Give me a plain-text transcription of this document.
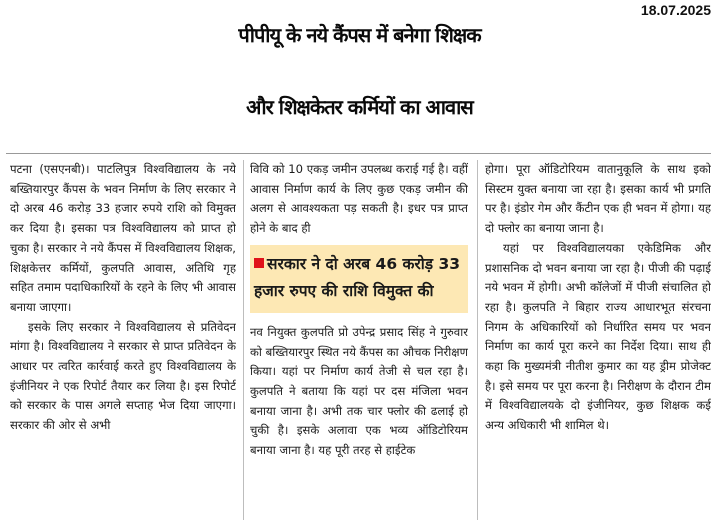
18.07.2025
पीपीयू के नये कैंपस में बनेगा शिक्षक
और शिक्षकेतर कर्मियों का आवास

पटना (एसएनबी)। पाटलिपुत्र विश्वविद्यालय के नये बख्तियारपुर कैंपस के भवन निर्माण के लिए सरकार ने दो अरब 46 करोड़ 33 हजार रुपये राशि को विमुक्त कर दिया है। इसका पत्र विश्वविद्यालय को प्राप्त हो चुका है। सरकार ने नये कैंपस में विश्वविद्यालय शिक्षक, शिक्षकेत्तर कर्मियों, कुलपति आवास, अतिथि गृह सहित तमाम पदाधिकारियों के रहने के लिए भी आवास बनाया जाएगा।

इसके लिए सरकार ने विश्वविद्यालय से प्रतिवेदन मांगा है। विश्वविद्यालय ने सरकार से प्राप्त प्रतिवेदन के आधार पर त्वरित कार्रवाई करते हुए विश्वविद्यालय के इंजीनियर ने एक रिपोर्ट तैयार कर लिया है। इस रिपोर्ट को सरकार के पास अगले सप्ताह भेज दिया जाएगा। सरकार की ओर से अभी

विवि को 10 एकड़ जमीन उपलब्ध कराई गई है। वहीं आवास निर्माण कार्य के लिए कुछ एकड़ जमीन की अलग से आवश्यकता पड़ सकती है। इधर पत्र प्राप्त होने के बाद ही

सरकार ने दो अरब 46 करोड़ 33 हजार रुपए की राशि विमुक्त की

नव नियुक्त कुलपति प्रो उपेन्द्र प्रसाद सिंह ने गुरुवार को बख्तियारपुर स्थित नये कैंपस का औचक निरीक्षण किया। यहां पर निर्माण कार्य तेजी से चल रहा है। कुलपति ने बताया कि यहां पर दस मंजिला भवन बनाया जाना है। अभी तक चार फ्लोर की ढलाई हो चुकी है। इसके अलावा एक भव्य ऑडिटोरियम बनाया जाना है। यह पूरी तरह से हाईटेक

होगा। पूरा ऑडिटोरियम वातानुकूलि के साथ इको सिस्टम युक्त बनाया जा रहा है। इसका कार्य भी प्रगति पर है। इंडोर गेम और कैंटीन एक ही भवन में होगा। यह दो फ्लोर का बनाया जाना है।

यहां पर विश्वविद्यालयका एकेडिमिक और प्रशासनिक दो भवन बनाया जा रहा है। पीजी की पढ़ाई नये भवन में होगी। अभी कॉलेजों में पीजी संचालित हो रहा है। कुलपति ने बिहार राज्य आधारभूत संरचना निगम के अधिकारियों को निर्धारित समय पर भवन निर्माण का कार्य पूरा करने का निर्देश दिया। साथ ही कहा कि मुख्यमंत्री नीतीश कुमार का यह ड्रीम प्रोजेक्ट है। इसे समय पर पूरा करना है। निरीक्षण के दौरान टीम में विश्वविद्यालयके दो इंजीनियर, कुछ शिक्षक कई अन्य अधिकारी भी शामिल थे।
